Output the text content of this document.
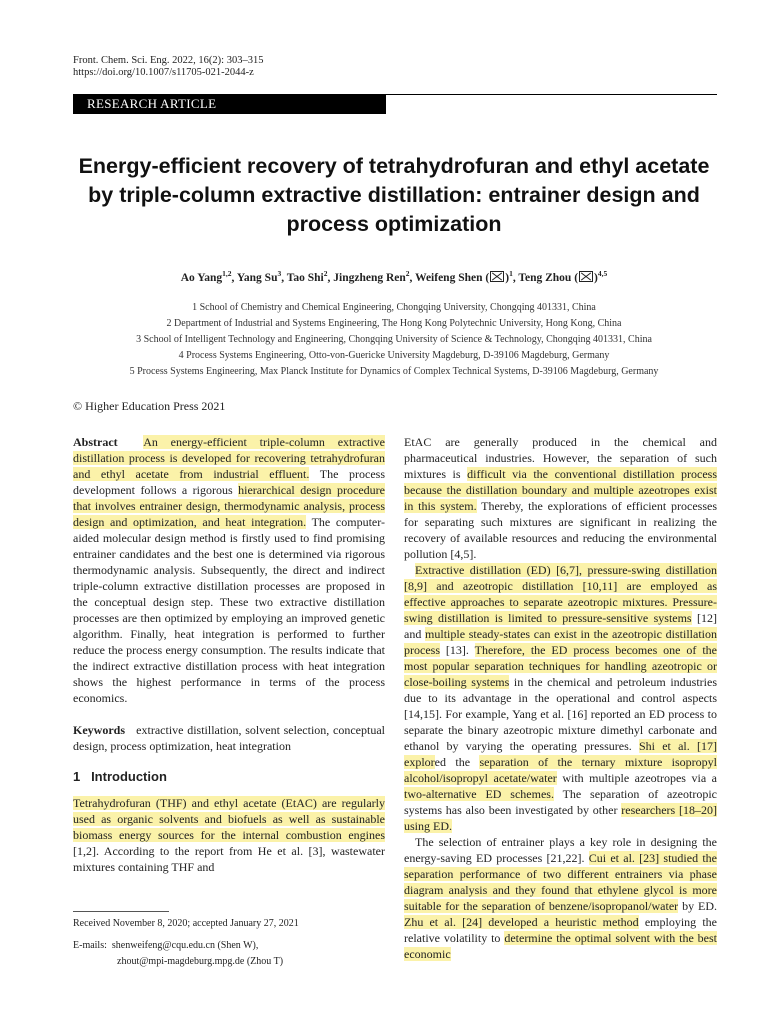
Front. Chem. Sci. Eng. 2022, 16(2): 303–315
https://doi.org/10.1007/s11705-021-2044-z
RESEARCH ARTICLE
Energy-efficient recovery of tetrahydrofuran and ethyl acetate
by triple-column extractive distillation: entrainer design and
process optimization
Ao Yang$^{1,2}$, Yang Su$^3$, Tao Shi$^2$, Jingzheng Ren$^2$, Weifeng Shen ( )$^1$, Teng Zhou ( )$^{4,5}$
1 School of Chemistry and Chemical Engineering, Chongqing University, Chongqing 401331, China
2 Department of Industrial and Systems Engineering, The Hong Kong Polytechnic University, Hong Kong, China
3 School of Intelligent Technology and Engineering, Chongqing University of Science & Technology, Chongqing 401331, China
4 Process Systems Engineering, Otto-von-Guericke University Magdeburg, D-39106 Magdeburg, Germany
5 Process Systems Engineering, Max Planck Institute for Dynamics of Complex Technical Systems, D-39106 Magdeburg, Germany
© Higher Education Press 2021

Abstract An energy-efficient triple-column extractive distillation process is developed for recovering tetrahydrofuran and ethyl acetate from industrial effluent. The process development follows a rigorous hierarchical design procedure that involves entrainer design, thermodynamic analysis, process design and optimization, and heat integration. The computer-aided molecular design method is firstly used to find promising entrainer candidates and the best one is determined via rigorous thermodynamic analysis. Subsequently, the direct and indirect triple-column extractive distillation processes are proposed in the conceptual design step. These two extractive distillation processes are then optimized by employing an improved genetic algorithm. Finally, heat integration is performed to further reduce the process energy consumption. The results indicate that the indirect extractive distillation process with heat integration shows the highest performance in terms of the process economics.

Keywords extractive distillation, solvent selection, conceptual design, process optimization, heat integration

1   Introduction

Tetrahydrofuran (THF) and ethyl acetate (EtAC) are regularly used as organic solvents and biofuels as well as sustainable biomass energy sources for the internal combustion engines [1,2]. According to the report from He et al. [3], wastewater mixtures containing THF and

EtAC are generally produced in the chemical and pharmaceutical industries. However, the separation of such mixtures is difficult via the conventional distillation process because the distillation boundary and multiple azeotropes exist in this system. Thereby, the explorations of efficient processes for separating such mixtures are significant in realizing the recovery of available resources and reducing the environmental pollution [4,5].

Extractive distillation (ED) [6,7], pressure-swing distillation [8,9] and azeotropic distillation [10,11] are employed as effective approaches to separate azeotropic mixtures. Pressure-swing distillation is limited to pressure-sensitive systems [12] and multiple steady-states can exist in the azeotropic distillation process [13]. Therefore, the ED process becomes one of the most popular separation techniques for handling azeotropic or close-boiling systems in the chemical and petroleum industries due to its advantage in the operational and control aspects [14,15]. For example, Yang et al. [16] reported an ED process to separate the binary azeotropic mixture dimethyl carbonate and ethanol by varying the operating pressures. Shi et al. [17] explored the separation of the ternary mixture isopropyl alcohol/isopropyl acetate/water with multiple azeotropes via a two-alternative ED schemes. The separation of azeotropic systems has also been investigated by other researchers [18–20] using ED.

The selection of entrainer plays a key role in designing the energy-saving ED processes [21,22]. Cui et al. [23] studied the separation performance of two different entrainers via phase diagram analysis and they found that ethylene glycol is more suitable for the separation of benzene/isopropanol/water by ED. Zhu et al. [24] developed a heuristic method employing the relative volatility to determine the optimal solvent with the best economic

Received November 8, 2020; accepted January 27, 2021
E-mails: shenweifeng@cqu.edu.cn (Shen W),
zhout@mpi-magdeburg.mpg.de (Zhou T)
